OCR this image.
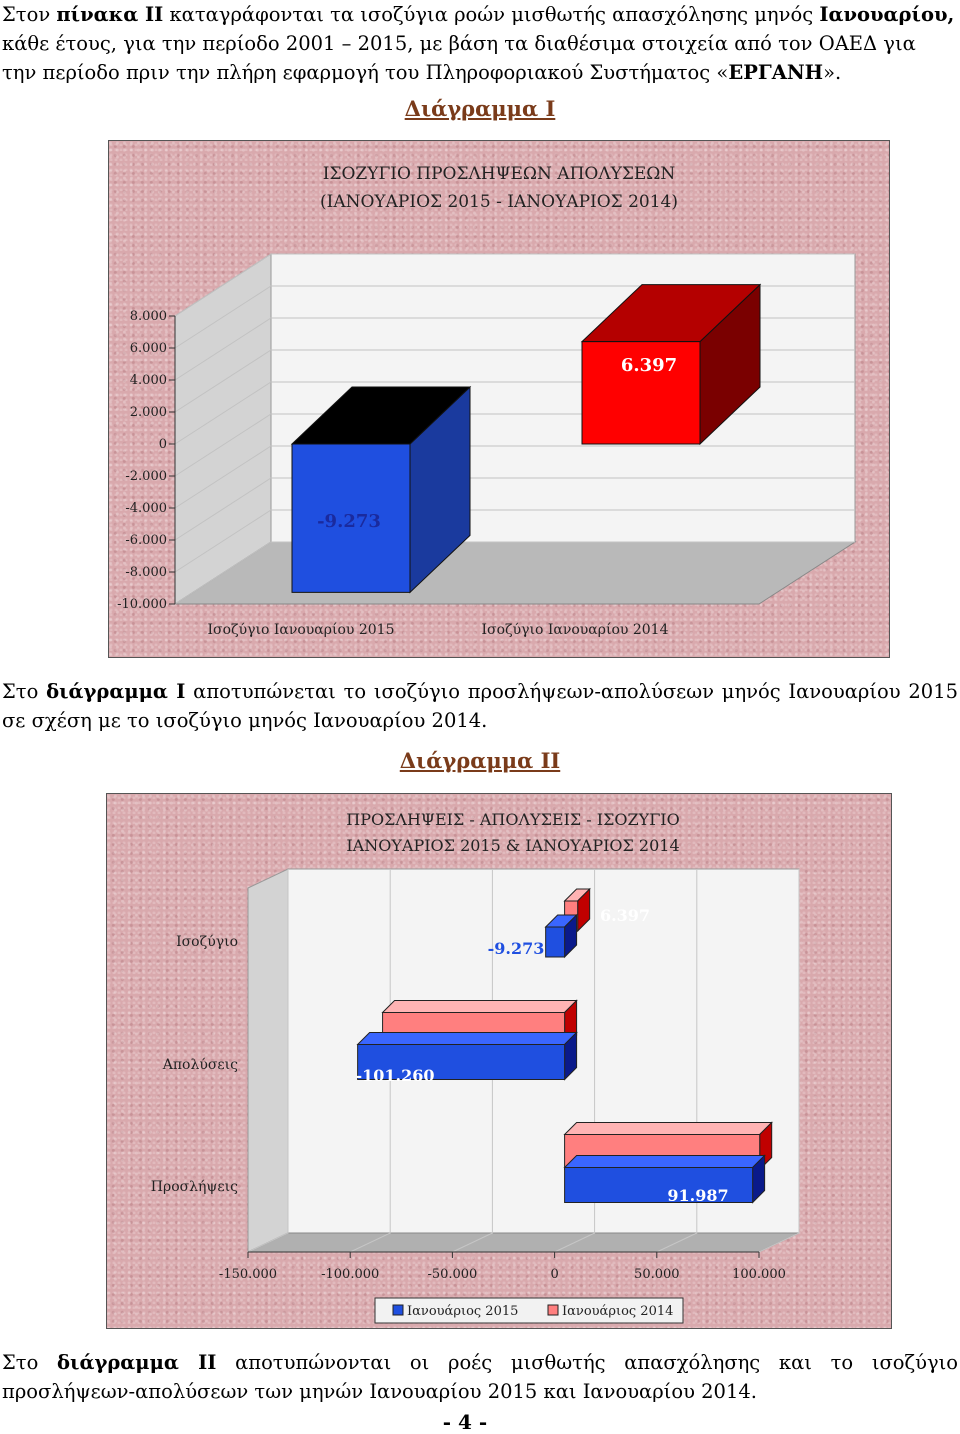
Στον πίνακα ΙΙ καταγράφονται τα ισοζύγια ροών μισθωτής απασχόλησης μηνός Ιανουαρίου,
κάθε έτους, για την περίοδο 2001 – 2015, με βάση τα διαθέσιμα στοιχεία από τον ΟΑΕΔ για
την περίοδο πριν την πλήρη εφαρμογή του Πληροφοριακού Συστήματος «ΕΡΓΑΝΗ».
Διάγραμμα Ι
ΙΣΟΖΥΓΙΟ ΠΡΟΣΛΗΨΕΩΝ ΑΠΟΛΥΣΕΩΝ
(ΙΑΝΟΥΑΡΙΟΣ 2015 - ΙΑΝΟΥΑΡΙΟΣ 2014)
8.000
6.000
4.000
2.000
0
-2.000
-4.000
-6.000
-8.000
-10.000
-9.273
6.397
Ισοζύγιο Ιανουαρίου 2015	Ισοζύγιο Ιανουαρίου 2014
Στο διάγραμμα Ι αποτυπώνεται το ισοζύγιο προσλήψεων-απολύσεων μηνός Ιανουαρίου 2015
σε σχέση με το ισοζύγιο μηνός Ιανουαρίου 2014.
Διάγραμμα ΙΙ
ΠΡΟΣΛΗΨΕΙΣ - ΑΠΟΛΥΣΕΙΣ - ΙΣΟΖΥΓΙΟ
ΙΑΝΟΥΑΡΙΟΣ 2015 & ΙΑΝΟΥΑΡΙΟΣ 2014
-150.000	-100.000	-50.000	0	50.000	100.000
Ισοζύγιο
Απολύσεις
Προσλήψεις
6.397
-9.273
-101.260
91.987
Ιανουάριος 2015	Ιανουάριος 2014
Στο διάγραμμα ΙΙ αποτυπώνονται οι ροές μισθωτής απασχόλησης και το ισοζύγιο
προσλήψεων-απολύσεων των μηνών Ιανουαρίου 2015 και Ιανουαρίου 2014.
- 4 -
